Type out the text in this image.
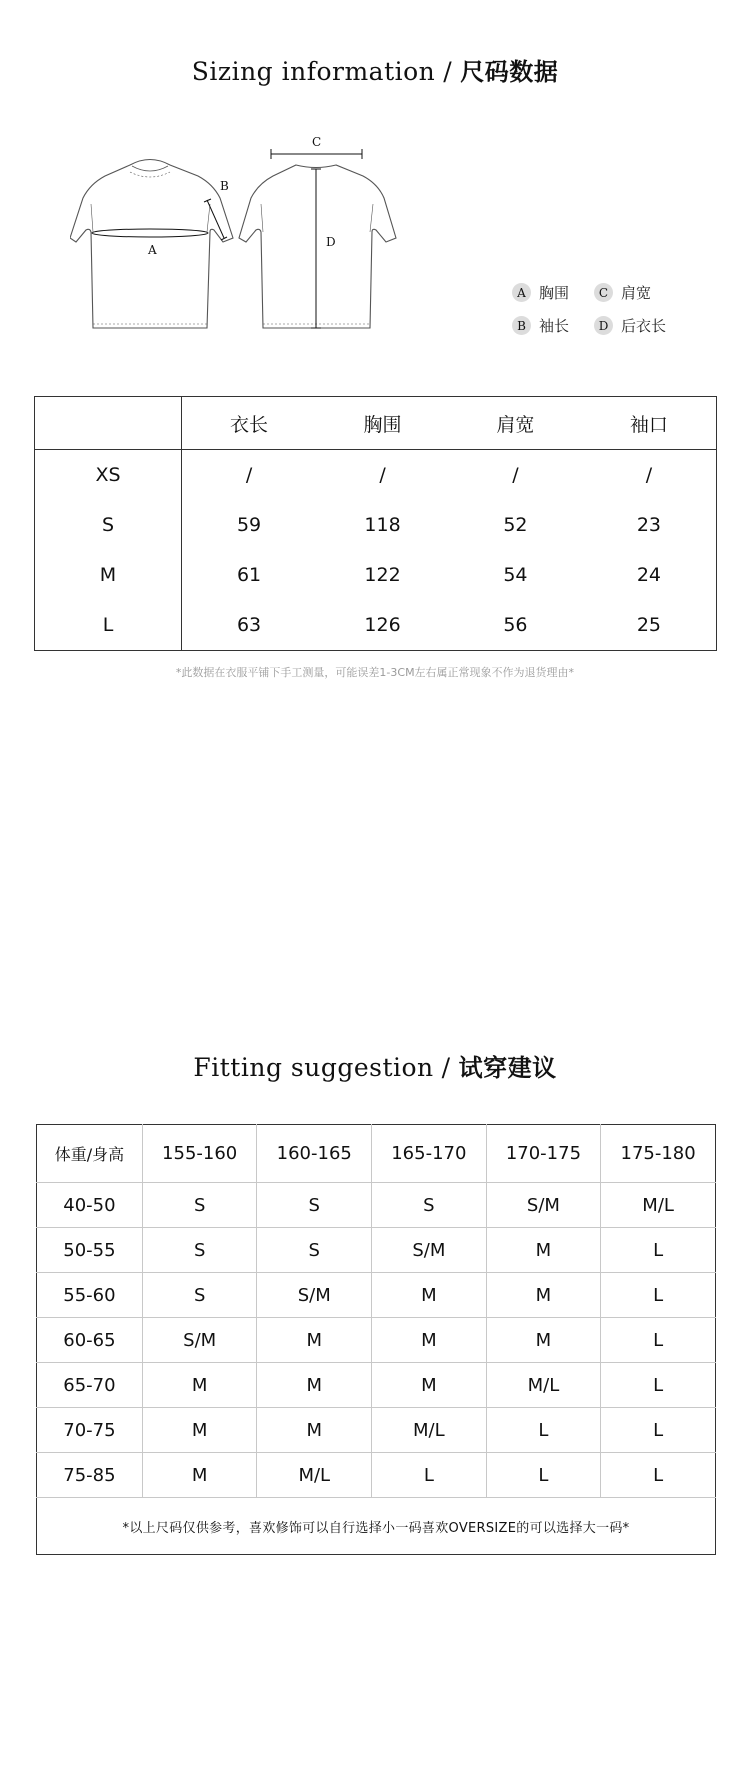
Sizing information / 尺码数据
A
B
C
D
A 胸围	C 肩宽
B 袖长	D 后衣长
	衣长	胸围	肩宽	袖口
XS	/	/	/	/
S	59	118	52	23
M	61	122	54	24
L	63	126	56	25
*此数据在衣服平铺下手工测量，可能误差1-3CM左右属正常现象不作为退货理由*
Fitting suggestion / 试穿建议
体重/身高	155-160	160-165	165-170	170-175	175-180
40-50	S	S	S	S/M	M/L
50-55	S	S	S/M	M	L
55-60	S	S/M	M	M	L
60-65	S/M	M	M	M	L
65-70	M	M	M	M/L	L
70-75	M	M	M/L	L	L
75-85	M	M/L	L	L	L
*以上尺码仅供参考，喜欢修饰可以自行选择小一码喜欢OVERSIZE的可以选择大一码*					
